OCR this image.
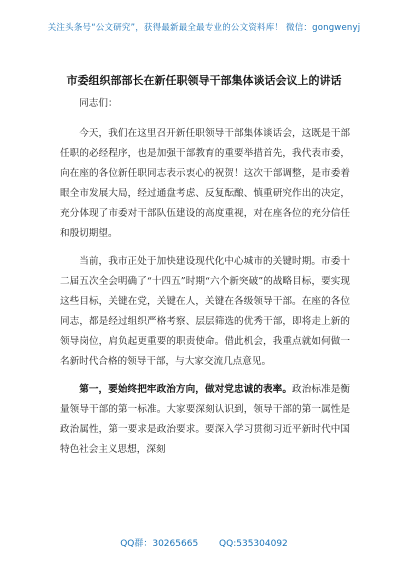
关注头条号“公文研究”，获得最新最全最专业的公文资料库！ 微信：gongwenyj
市委组织部部长在新任职领导干部集体谈话会议上的讲话

同志们：

今天，我们在这里召开新任职领导干部集体谈话会，这既是干部任职的必经程序，也是加强干部教育的重要举措首先，我代表市委，向在座的各位新任职同志表示衷心的祝贺！这次干部调整，是市委着眼全市发展大局，经过通盘考虑、反复酝酿、慎重研究作出的决定，充分体现了市委对干部队伍建设的高度重视，对在座各位的充分信任和殷切期望。

当前，我市正处于加快建设现代化中心城市的关键时期。市委十二届五次全会明确了“十四五”时期“六个新突破”的战略目标，要实现这些目标，关键在党，关键在人，关键在各级领导干部。在座的各位同志，都是经过组织严格考察、层层筛选的优秀干部，即将走上新的领导岗位，肩负起更重要的职责使命。借此机会，我重点就如何做一名新时代合格的领导干部，与大家交流几点意见。

第一，要始终把牢政治方向，做对党忠诚的表率。政治标准是衡量领导干部的第一标准。大家要深刻认识到，领导干部的第一属性是政治属性，第一要求是政治要求。要深入学习贯彻习近平新时代中国特色社会主义思想，深刻

QQ群：30265665 QQ:535304092
